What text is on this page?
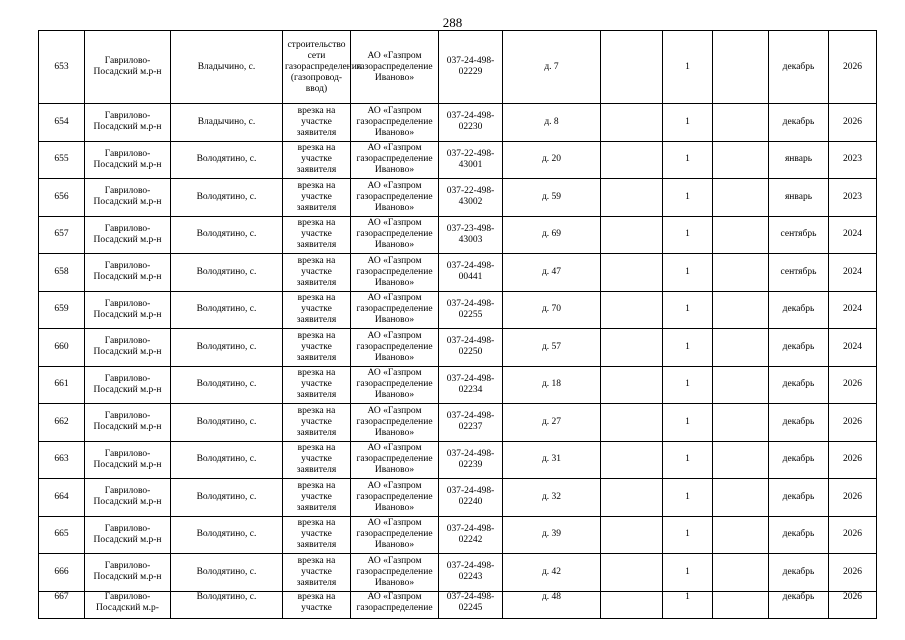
288
653	Гаврилово-Посадский м.р-н	Владычино, с.	строительство сети газораспределения (газопровод-ввод)	АО «Газпром газораспределение Иваново»	037-24-498-02229	д. 7		1		декабрь	2026
654	Гаврилово-Посадский м.р-н	Владычино, с.	врезка на участке заявителя	АО «Газпром газораспределение Иваново»	037-24-498-02230	д. 8		1		декабрь	2026
655	Гаврилово-Посадский м.р-н	Володятино, с.	врезка на участке заявителя	АО «Газпром газораспределение Иваново»	037-22-498-43001	д. 20		1		январь	2023
656	Гаврилово-Посадский м.р-н	Володятино, с.	врезка на участке заявителя	АО «Газпром газораспределение Иваново»	037-22-498-43002	д. 59		1		январь	2023
657	Гаврилово-Посадский м.р-н	Володятино, с.	врезка на участке заявителя	АО «Газпром газораспределение Иваново»	037-23-498-43003	д. 69		1		сентябрь	2024
658	Гаврилово-Посадский м.р-н	Володятино, с.	врезка на участке заявителя	АО «Газпром газораспределение Иваново»	037-24-498-00441	д. 47		1		сентябрь	2024
659	Гаврилово-Посадский м.р-н	Володятино, с.	врезка на участке заявителя	АО «Газпром газораспределение Иваново»	037-24-498-02255	д. 70		1		декабрь	2024
660	Гаврилово-Посадский м.р-н	Володятино, с.	врезка на участке заявителя	АО «Газпром газораспределение Иваново»	037-24-498-02250	д. 57		1		декабрь	2024
661	Гаврилово-Посадский м.р-н	Володятино, с.	врезка на участке заявителя	АО «Газпром газораспределение Иваново»	037-24-498-02234	д. 18		1		декабрь	2026
662	Гаврилово-Посадский м.р-н	Володятино, с.	врезка на участке заявителя	АО «Газпром газораспределение Иваново»	037-24-498-02237	д. 27		1		декабрь	2026
663	Гаврилово-Посадский м.р-н	Володятино, с.	врезка на участке заявителя	АО «Газпром газораспределение Иваново»	037-24-498-02239	д. 31		1		декабрь	2026
664	Гаврилово-Посадский м.р-н	Володятино, с.	врезка на участке заявителя	АО «Газпром газораспределение Иваново»	037-24-498-02240	д. 32		1		декабрь	2026
665	Гаврилово-Посадский м.р-н	Володятино, с.	врезка на участке заявителя	АО «Газпром газораспределение Иваново»	037-24-498-02242	д. 39		1		декабрь	2026
666	Гаврилово-Посадский м.р-н	Володятино, с.	врезка на участке заявителя	АО «Газпром газораспределение Иваново»	037-24-498-02243	д. 42		1		декабрь	2026
667	Гаврилово-Посадский м.р-	Володятино, с.	врезка на участке	АО «Газпром газораспределение	037-24-498-02245	д. 48		1		декабрь	2026
